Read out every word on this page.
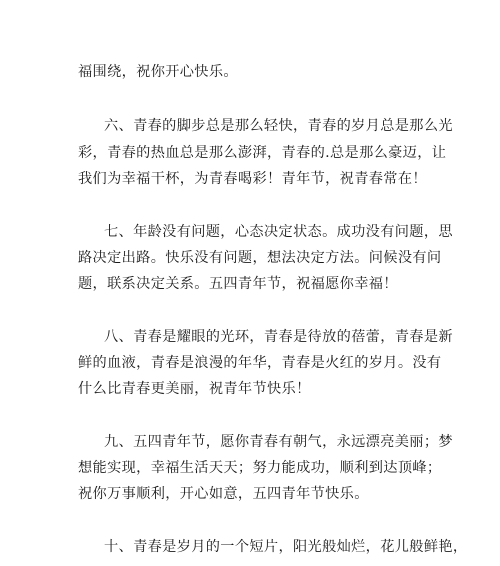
福围绕，祝你开心快乐。
六、青春的脚步总是那么轻快，青春的岁月总是那么光
彩，青春的热血总是那么澎湃，青春的.总是那么豪迈，让
我们为幸福干杯，为青春喝彩！青年节，祝青春常在！
七、年龄没有问题，心态决定状态。成功没有问题，思
路决定出路。快乐没有问题，想法决定方法。问候没有问
题，联系决定关系。五四青年节，祝福愿你幸福！
八、青春是耀眼的光环，青春是待放的蓓蕾，青春是新
鲜的血液，青春是浪漫的年华，青春是火红的岁月。没有
什么比青春更美丽，祝青年节快乐！
九、五四青年节，愿你青春有朝气，永远漂亮美丽；梦
想能实现，幸福生活天天；努力能成功，顺利到达顶峰；
祝你万事顺利，开心如意，五四青年节快乐。
十、青春是岁月的一个短片，阳光般灿烂，花儿般鲜艳，
